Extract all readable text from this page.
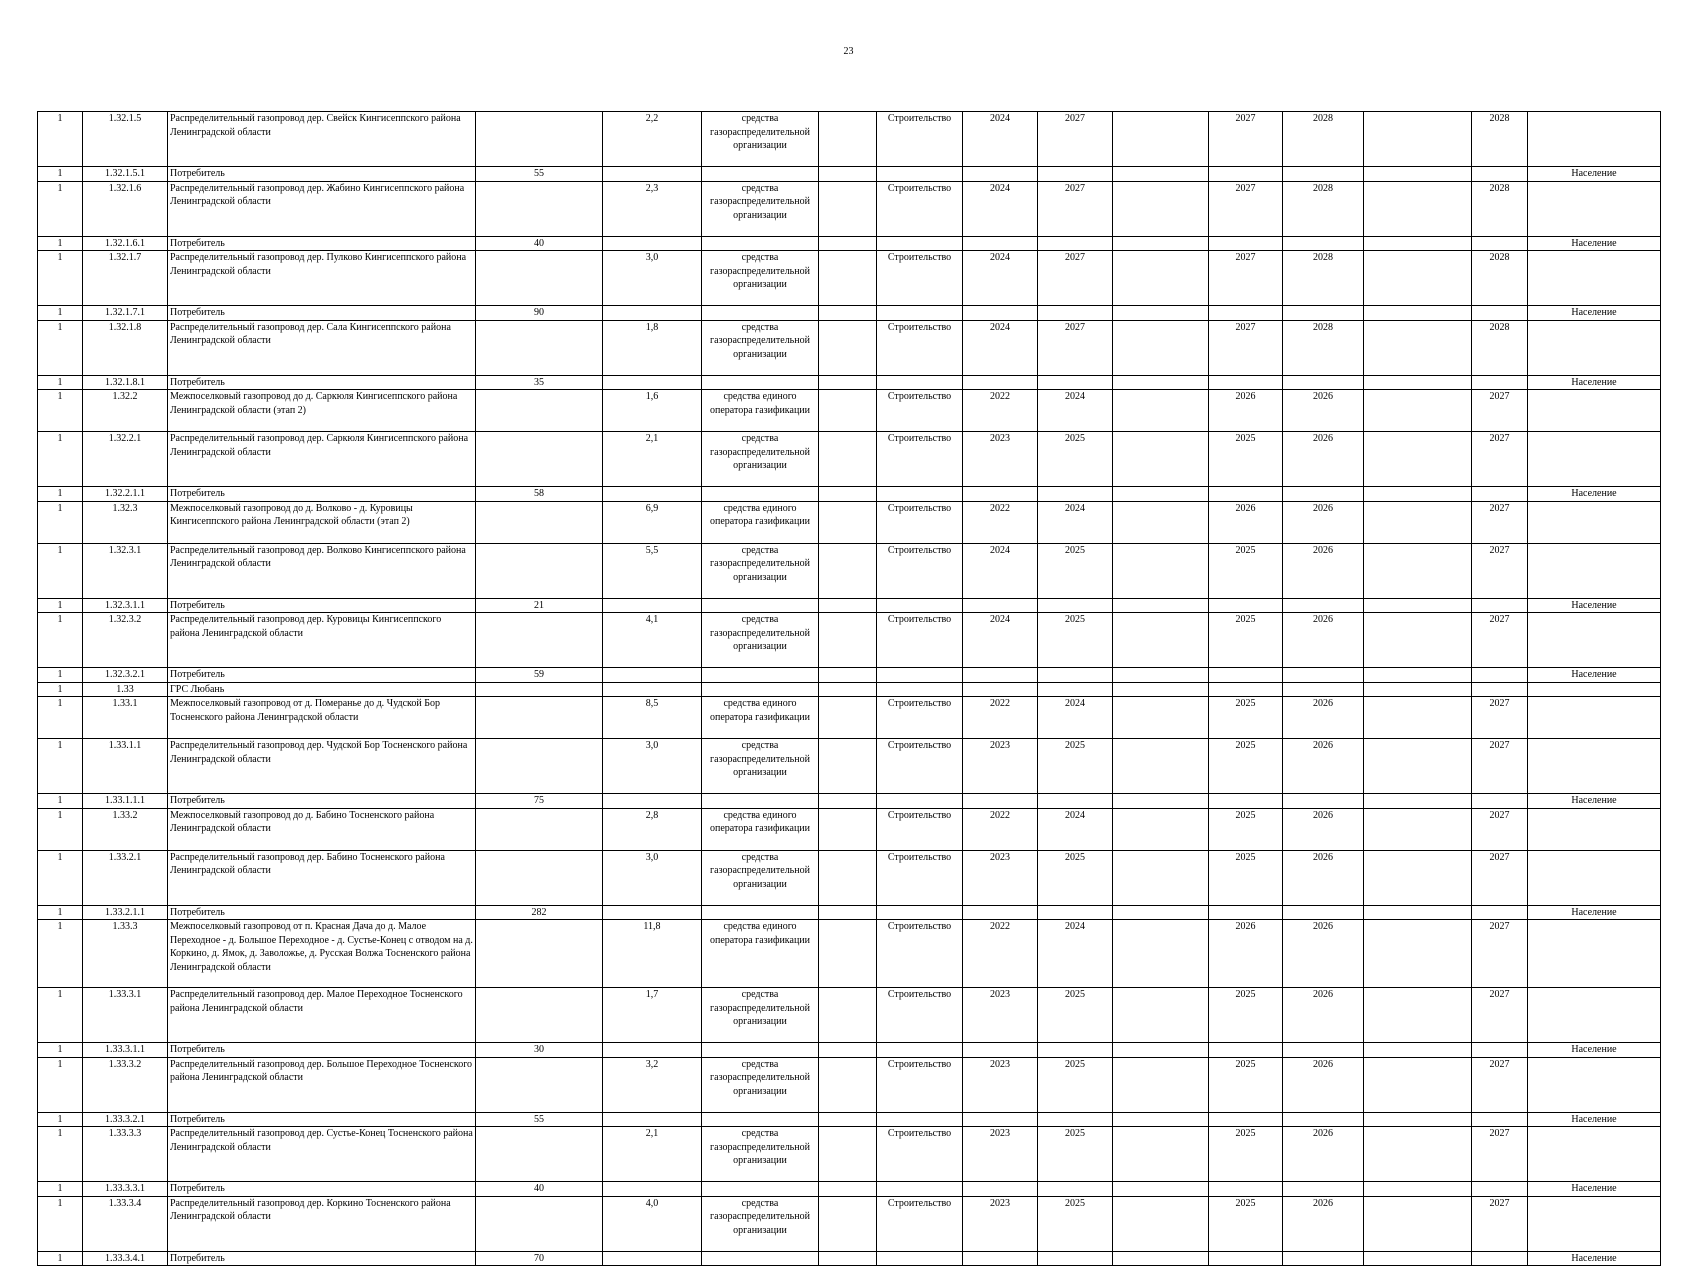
23
1	1.32.1.5	Распределительный газопровод дер. Свейск Кингисеппского района Ленинградской области		2,2	средства газораспределительной организации		Строительство	2024	2027		2027	2028		2028	
1	1.32.1.5.1	Потребитель	55												Население
1	1.32.1.6	Распределительный газопровод дер. Жабино Кингисеппского района Ленинградской области		2,3	средства газораспределительной организации		Строительство	2024	2027		2027	2028		2028	
1	1.32.1.6.1	Потребитель	40												Население
1	1.32.1.7	Распределительный газопровод дер. Пулково Кингисеппского района Ленинградской области		3,0	средства газораспределительной организации		Строительство	2024	2027		2027	2028		2028	
1	1.32.1.7.1	Потребитель	90												Население
1	1.32.1.8	Распределительный газопровод дер. Сала Кингисеппского района Ленинградской области		1,8	средства газораспределительной организации		Строительство	2024	2027		2027	2028		2028	
1	1.32.1.8.1	Потребитель	35												Население
1	1.32.2	Межпоселковый газопровод до д. Саркюля Кингисеппского района Ленинградской области (этап 2)		1,6	средства единого оператора газификации		Строительство	2022	2024		2026	2026		2027	
1	1.32.2.1	Распределительный газопровод дер. Саркюля Кингисеппского района Ленинградской области		2,1	средства газораспределительной организации		Строительство	2023	2025		2025	2026		2027	
1	1.32.2.1.1	Потребитель	58												Население
1	1.32.3	Межпоселковый газопровод до д. Волково - д. Куровицы Кингисеппского района Ленинградской области (этап 2)		6,9	средства единого оператора газификации		Строительство	2022	2024		2026	2026		2027	
1	1.32.3.1	Распределительный газопровод дер. Волково Кингисеппского района Ленинградской области		5,5	средства газораспределительной организации		Строительство	2024	2025		2025	2026		2027	
1	1.32.3.1.1	Потребитель	21												Население
1	1.32.3.2	Распределительный газопровод дер. Куровицы Кингисеппского района Ленинградской области		4,1	средства газораспределительной организации		Строительство	2024	2025		2025	2026		2027	
1	1.32.3.2.1	Потребитель	59												Население
1	1.33	ГРС Любань													
1	1.33.1	Межпоселковый газопровод от д. Померанье до д. Чудской Бор Тосненского района Ленинградской области		8,5	средства единого оператора газификации		Строительство	2022	2024		2025	2026		2027	
1	1.33.1.1	Распределительный газопровод дер. Чудской Бор Тосненского района Ленинградской области		3,0	средства газораспределительной организации		Строительство	2023	2025		2025	2026		2027	
1	1.33.1.1.1	Потребитель	75												Население
1	1.33.2	Межпоселковый газопровод до д. Бабино Тосненского района Ленинградской области		2,8	средства единого оператора газификации		Строительство	2022	2024		2025	2026		2027	
1	1.33.2.1	Распределительный газопровод дер. Бабино Тосненского района Ленинградской области		3,0	средства газораспределительной организации		Строительство	2023	2025		2025	2026		2027	
1	1.33.2.1.1	Потребитель	282												Население
1	1.33.3	Межпоселковый газопровод от п. Красная Дача до д. Малое Переходное - д. Большое Переходное - д. Сустье-Конец с отводом на д. Коркино, д. Ямок, д. Заволожье, д. Русская Волжа Тосненского района Ленинградской области		11,8	средства единого оператора газификации		Строительство	2022	2024		2026	2026		2027	
1	1.33.3.1	Распределительный газопровод дер. Малое Переходное Тосненского района Ленинградской области		1,7	средства газораспределительной организации		Строительство	2023	2025		2025	2026		2027	
1	1.33.3.1.1	Потребитель	30												Население
1	1.33.3.2	Распределительный газопровод дер. Большое Переходное Тосненского района Ленинградской области		3,2	средства газораспределительной организации		Строительство	2023	2025		2025	2026		2027	
1	1.33.3.2.1	Потребитель	55												Население
1	1.33.3.3	Распределительный газопровод дер. Сустье-Конец Тосненского района Ленинградской области		2,1	средства газораспределительной организации		Строительство	2023	2025		2025	2026		2027	
1	1.33.3.3.1	Потребитель	40												Население
1	1.33.3.4	Распределительный газопровод дер. Коркино Тосненского района Ленинградской области		4,0	средства газораспределительной организации		Строительство	2023	2025		2025	2026		2027	
1	1.33.3.4.1	Потребитель	70												Население
